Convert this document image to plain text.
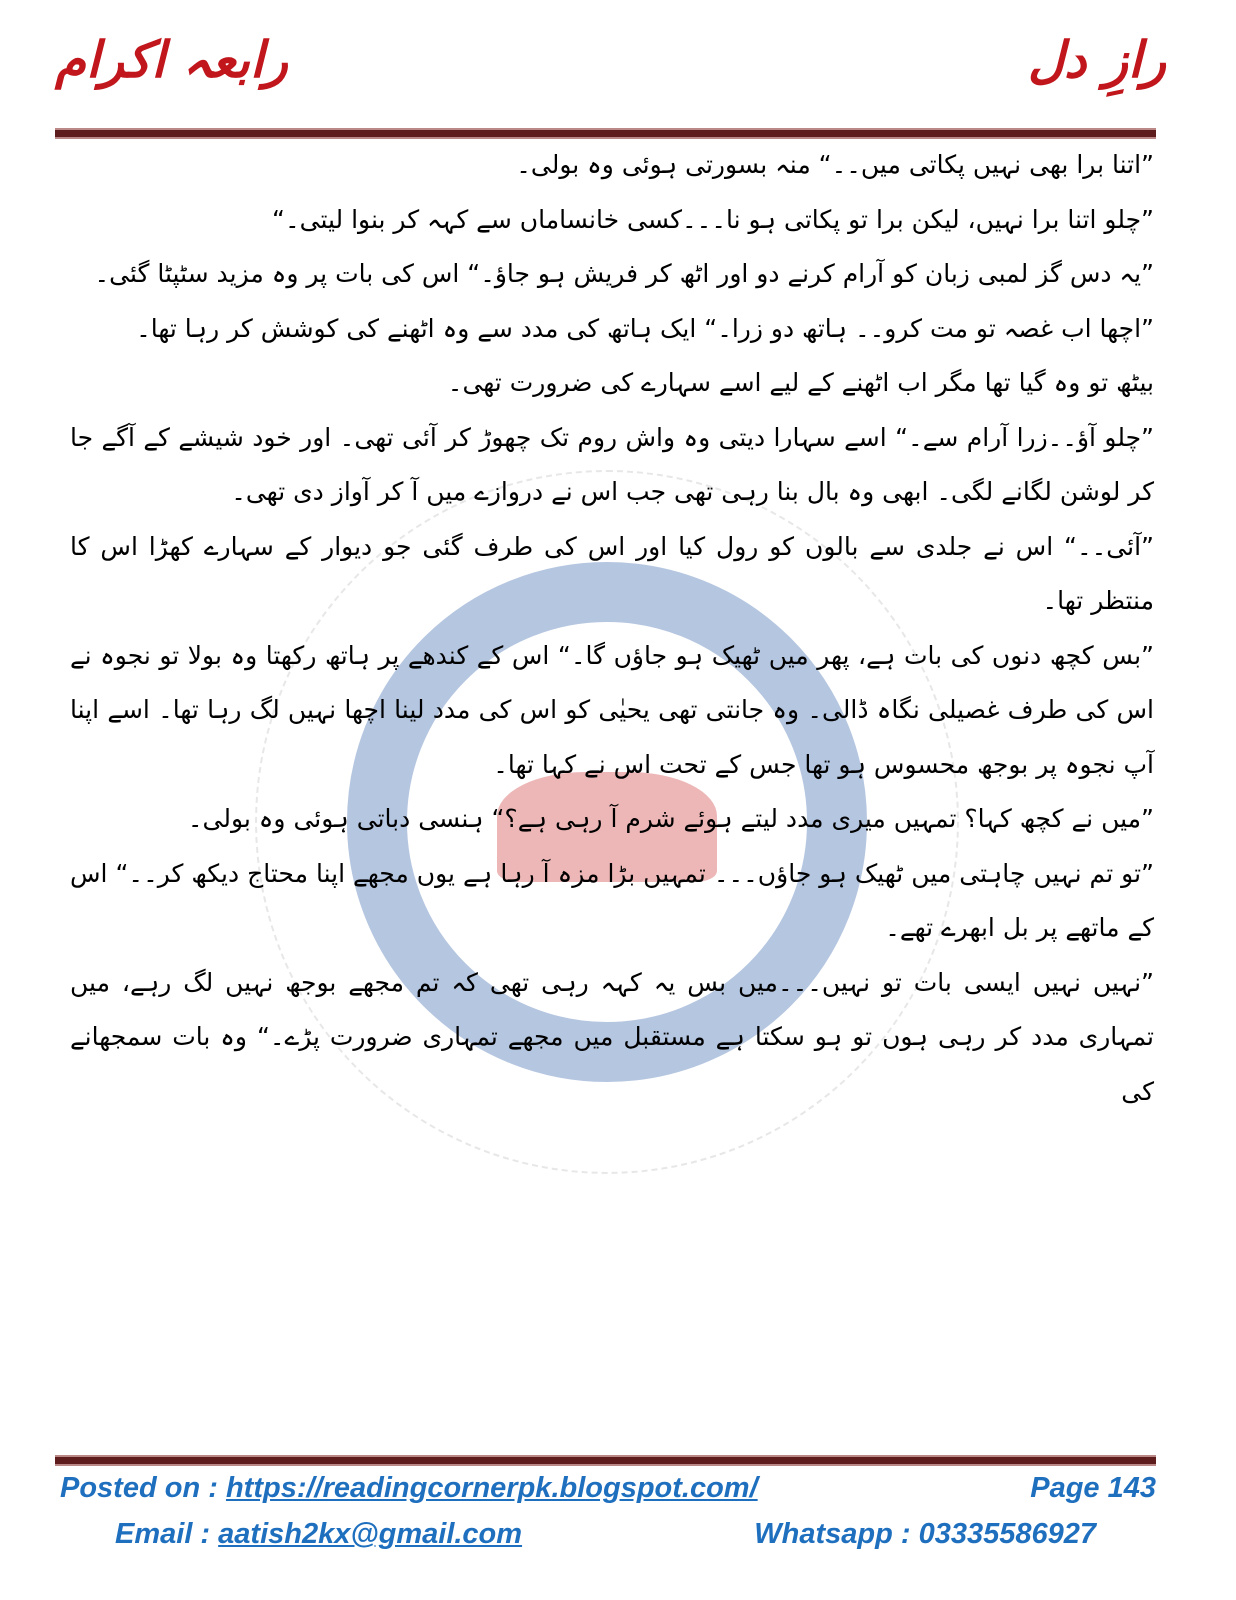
رازِ دل
رابعہ اکرام

”اتنا برا بھی نہیں پکاتی میں۔۔“ منہ بسورتی ہوئی وہ بولی۔

”چلو اتنا برا نہیں، لیکن برا تو پکاتی ہو نا۔۔۔کسی خانساماں سے کہہ کر بنوا لیتی۔“

”یہ دس گز لمبی زبان کو آرام کرنے دو اور اٹھ کر فریش ہو جاؤ۔“ اس کی بات پر وہ مزید سٹپٹا گئی۔

”اچھا اب غصہ تو مت کرو۔۔ ہاتھ دو زرا۔“ ایک ہاتھ کی مدد سے وہ اٹھنے کی کوشش کر رہا تھا۔

بیٹھ تو وہ گیا تھا مگر اب اٹھنے کے لیے اسے سہارے کی ضرورت تھی۔

”چلو آؤ۔۔زرا آرام سے۔“ اسے سہارا دیتی وہ واش روم تک چھوڑ کر آئی تھی۔ اور خود شیشے کے آگے جا کر لوشن لگانے لگی۔ ابھی وہ بال بنا رہی تھی جب اس نے دروازے میں آ کر آواز دی تھی۔

”آئی۔۔“ اس نے جلدی سے بالوں کو رول کیا اور اس کی طرف گئی جو دیوار کے سہارے کھڑا اس کا منتظر تھا۔

”بس کچھ دنوں کی بات ہے، پھر میں ٹھیک ہو جاؤں گا۔“ اس کے کندھے پر ہاتھ رکھتا وہ بولا تو نجوہ نے اس کی طرف غصیلی نگاہ ڈالی۔ وہ جانتی تھی یحیٰی کو اس کی مدد لینا اچھا نہیں لگ رہا تھا۔ اسے اپنا آپ نجوہ پر بوجھ محسوس ہو تھا جس کے تحت اس نے کہا تھا۔

”میں نے کچھ کہا؟ تمہیں میری مدد لیتے ہوئے شرم آ رہی ہے؟“ ہنسی دباتی ہوئی وہ بولی۔

”تو تم نہیں چاہتی میں ٹھیک ہو جاؤں۔۔۔ تمہیں بڑا مزہ آ رہا ہے یوں مجھے اپنا محتاج دیکھ کر۔۔“ اس کے ماتھے پر بل ابھرے تھے۔

”نہیں نہیں ایسی بات تو نہیں۔۔۔میں بس یہ کہہ رہی تھی کہ تم مجھے بوجھ نہیں لگ رہے، میں تمہاری مدد کر رہی ہوں تو ہو سکتا ہے مستقبل میں مجھے تمہاری ضرورت پڑے۔“ وہ بات سمجھانے کی

Posted on : https://readingcornerpk.blogspot.com/	Page 143
Email : aatish2kx@gmail.com	Whatsapp : 03335586927
